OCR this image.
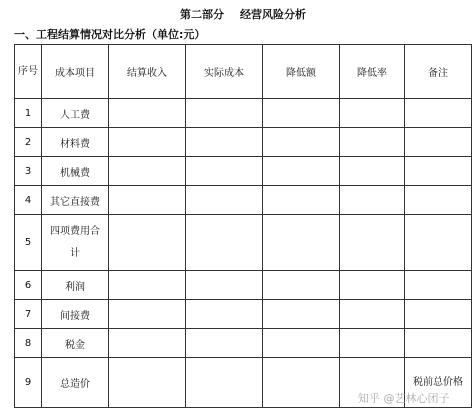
第二部分 经营风险分析
一、工程结算情况对比分析（单位:元）
序号	成本项目	结算收入	实际成本	降低额	降低率	备注
1	人工费					
2	材料费					
3	机械费					
4	其它直接费					
5	四项费用合计					
6	利润					
7	间接费					
8	税金					
9	总造价					税前总价格
知乎 @艺林心团子
